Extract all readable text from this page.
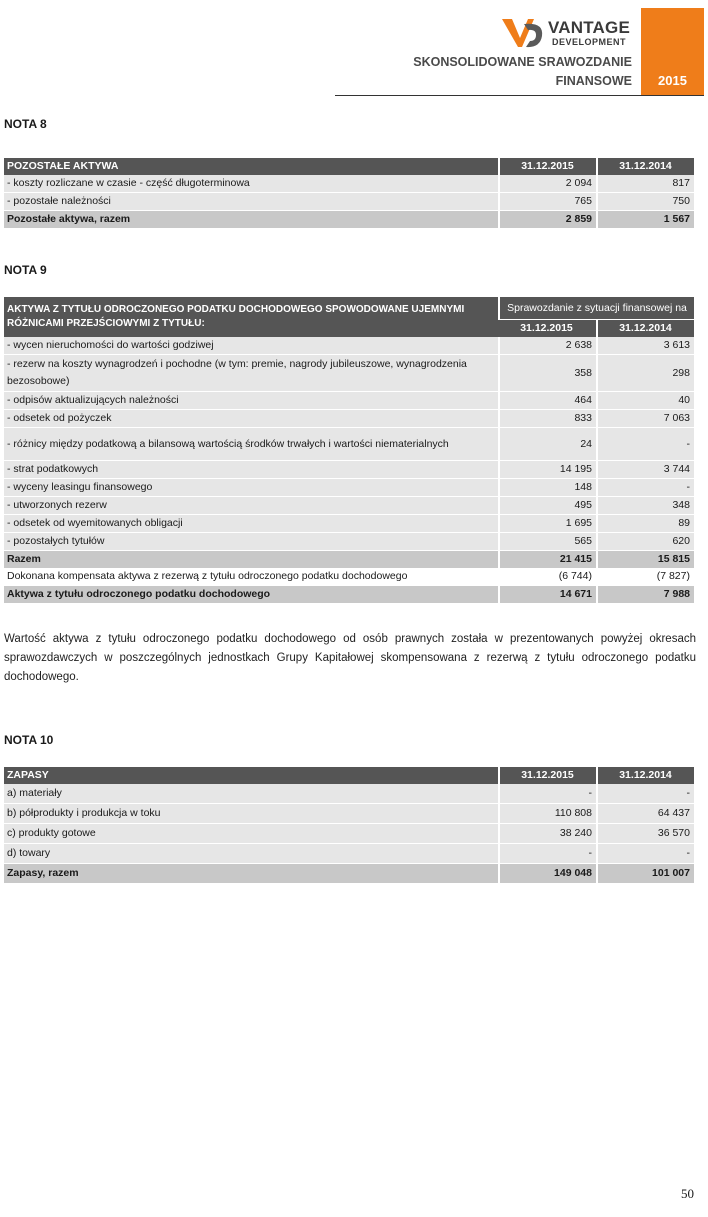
VANTAGE
DEVELOPMENT
SKONSOLIDOWANE SRAWOZDANIE
FINANSOWE	2015
NOTA 8
POZOSTAŁE AKTYWA	31.12.2015	31.12.2014
- koszty rozliczane w czasie - część długoterminowa	2 094	817
- pozostałe należności	765	750
Pozostałe aktywa, razem	2 859	1 567
NOTA 9
AKTYWA Z TYTUŁU ODROCZONEGO PODATKU DOCHODOWEGO SPOWODOWANE UJEMNYMI RÓŻNICAMI PRZEJŚCIOWYMI Z TYTUŁU:	Sprawozdanie z sytuacji finansowej na	
	31.12.2015	31.12.2014
- wycen nieruchomości do wartości godziwej	2 638	3 613
- rezerw na koszty wynagrodzeń i pochodne (w tym: premie, nagrody jubileuszowe, wynagrodzenia bezosobowe)	358	298
- odpisów aktualizujących należności	464	40
- odsetek od pożyczek	833	7 063
- różnicy między podatkową a bilansową wartością środków trwałych i wartości niematerialnych	24	-
- strat podatkowych	14 195	3 744
- wyceny leasingu finansowego	148	-
- utworzonych rezerw	495	348
- odsetek od wyemitowanych obligacji	1 695	89
- pozostałych tytułów	565	620
Razem	21 415	15 815
Dokonana kompensata aktywa z rezerwą z tytułu odroczonego podatku dochodowego	(6 744)	(7 827)
Aktywa z tytułu odroczonego podatku dochodowego	14 671	7 988
Wartość aktywa z tytułu odroczonego podatku dochodowego od osób prawnych została w prezentowanych powyżej okresach sprawozdawczych w poszczególnych jednostkach Grupy Kapitałowej skompensowana z rezerwą z tytułu odroczonego podatku dochodowego.
NOTA 10
ZAPASY	31.12.2015	31.12.2014
a) materiały	-	-
b) półprodukty i produkcja w toku	110 808	64 437
c) produkty gotowe	38 240	36 570
d) towary	-	-
Zapasy, razem	149 048	101 007
50
